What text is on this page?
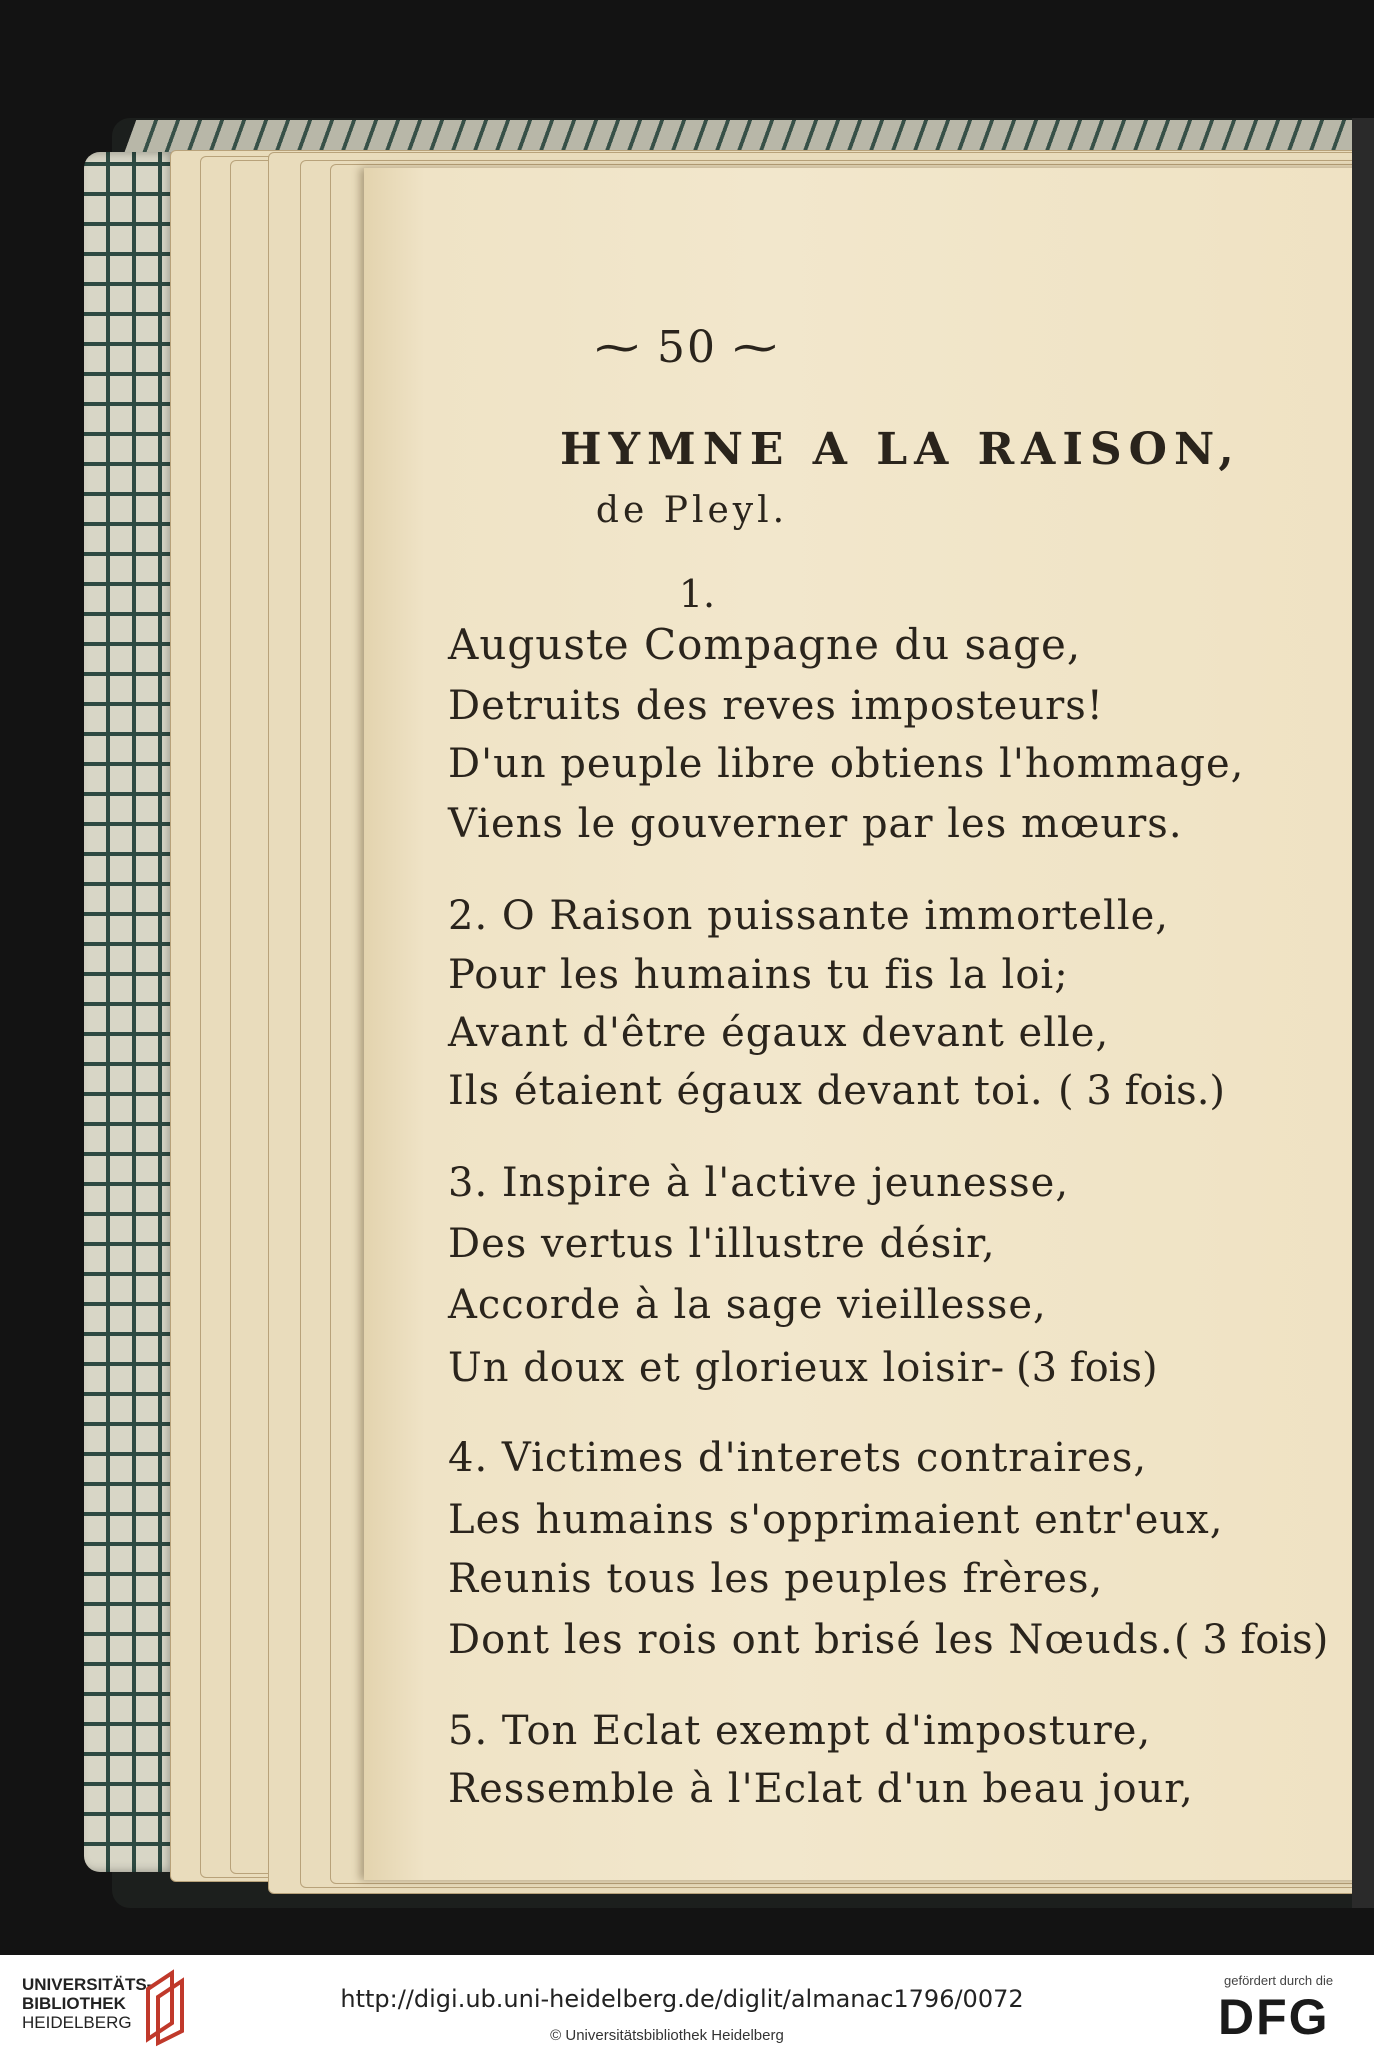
⁓ 50 ⁓
HYMNE A LA RAISON,
de Pleyl.
1.
Auguste Compagne du sage,
Detruits des reves imposteurs!
D'un peuple libre obtiens l'hommage,
Viens le gouverner par les mœurs.
2. O Raison puissante immortelle,
Pour les humains tu fis la loi;
Avant d'être égaux devant elle,
Ils étaient égaux devant toi. ( 3 fois.)
3. Inspire à l'active jeunesse,
Des vertus l'illustre désir,
Accorde à la sage vieillesse,
Un doux et glorieux loisir- (3 fois)
4. Victimes d'interets contraires,
Les humains s'opprimaient entr'eux,
Reunis tous les peuples frères,
Dont les rois ont brisé les Nœuds. ( 3 fois)
5. Ton Eclat exempt d'imposture,
Ressemble à l'Eclat d'un beau jour,
UNIVERSITÄTS-
BIBLIOTHEK
HEIDELBERG
http://digi.ub.uni-heidelberg.de/diglit/almanac1796/0072
© Universitätsbibliothek Heidelberg
gefördert durch die
DFG
